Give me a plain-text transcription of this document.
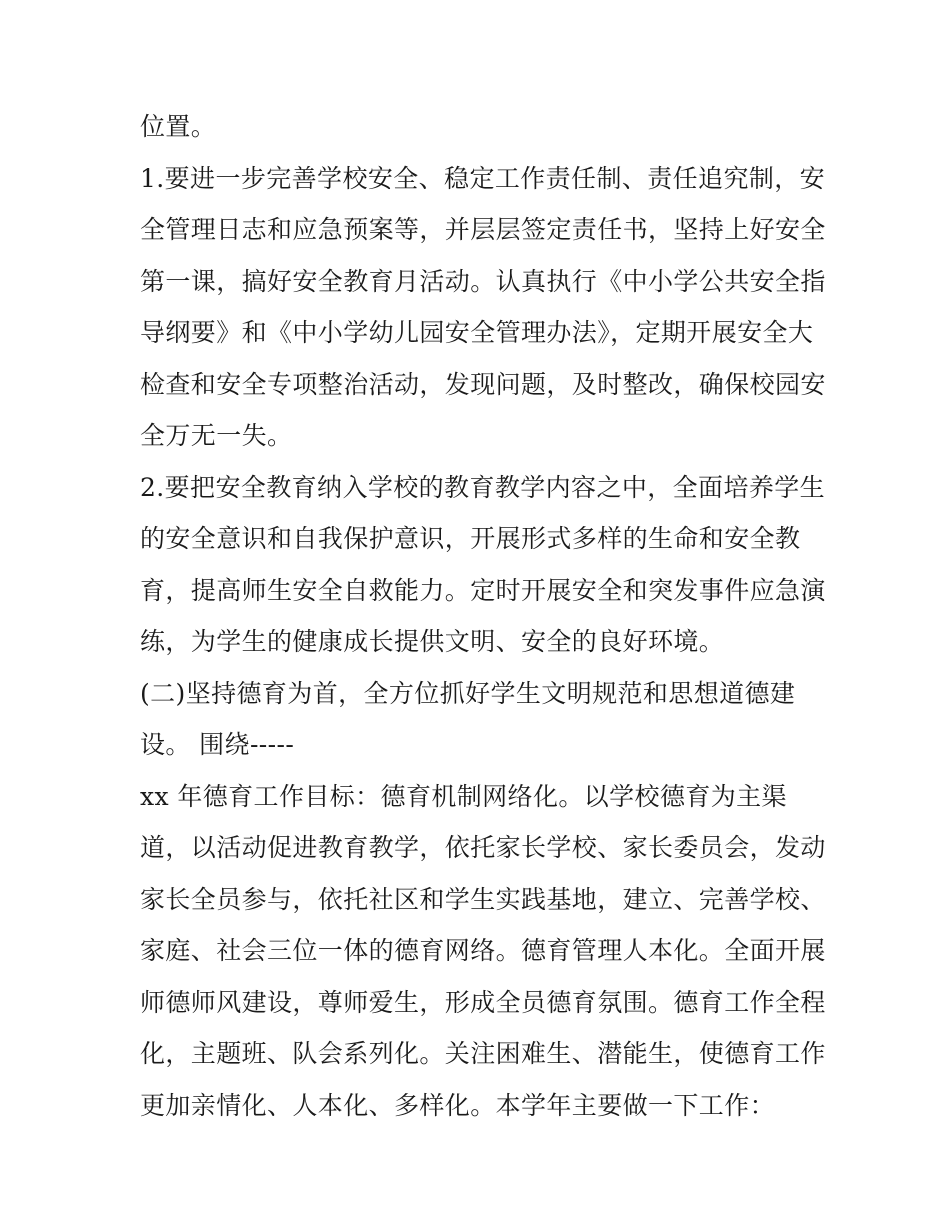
位置。
1.要进一步完善学校安全、稳定工作责任制、责任追究制，安
全管理日志和应急预案等，并层层签定责任书，坚持上好安全
第一课，搞好安全教育月活动。认真执行《中小学公共安全指
导纲要》和《中小学幼儿园安全管理办法》，定期开展安全大
检查和安全专项整治活动，发现问题，及时整改，确保校园安
全万无一失。
2.要把安全教育纳入学校的教育教学内容之中，全面培养学生
的安全意识和自我保护意识，开展形式多样的生命和安全教
育，提高师生安全自救能力。定时开展安全和突发事件应急演
练，为学生的健康成长提供文明、安全的良好环境。
(二)坚持德育为首，全方位抓好学生文明规范和思想道德建
设。 围绕-----
xx 年德育工作目标：德育机制网络化。以学校德育为主渠
道，以活动促进教育教学，依托家长学校、家长委员会，发动
家长全员参与，依托社区和学生实践基地，建立、完善学校、
家庭、社会三位一体的德育网络。德育管理人本化。全面开展
师德师风建设，尊师爱生，形成全员德育氛围。德育工作全程
化，主题班、队会系列化。关注困难生、潜能生，使德育工作
更加亲情化、人本化、多样化。本学年主要做一下工作：
